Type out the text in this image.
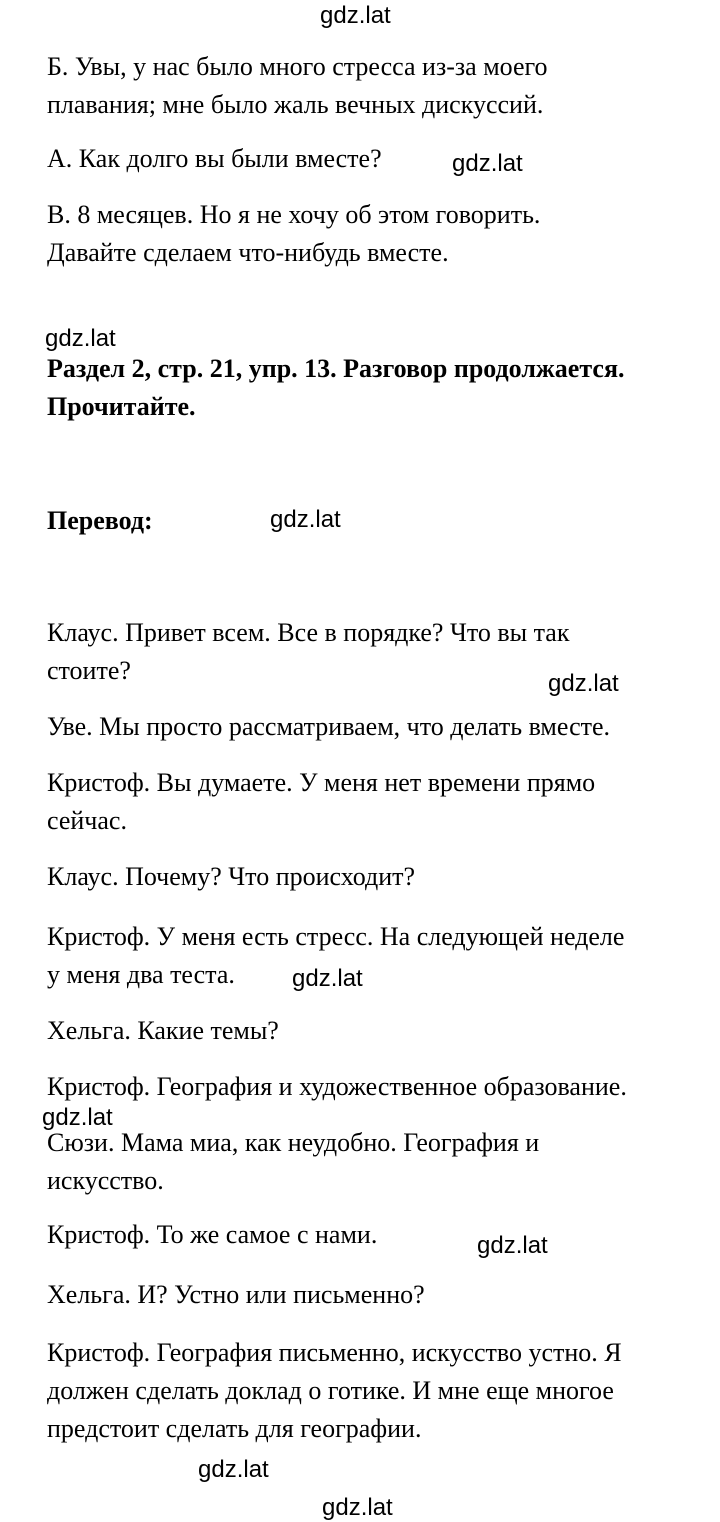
Б. Увы, у нас было много стресса из-за моего
плавания; мне было жаль вечных дискуссий.

А. Как долго вы были вместе?

В. 8 месяцев. Но я не хочу об этом говорить.
Давайте сделаем что-нибудь вместе.

Раздел 2, стр. 21, упр. 13. Разговор продолжается.
Прочитайте.

Перевод:

Клаус. Привет всем. Все в порядке? Что вы так
стоите?

Уве. Мы просто рассматриваем, что делать вместе.

Кристоф. Вы думаете. У меня нет времени прямо
сейчас.

Клаус. Почему? Что происходит?

Кристоф. У меня есть стресс. На следующей неделе
у меня два теста.

Хельга. Какие темы?

Кристоф. География и художественное образование.

Сюзи. Мама миа, как неудобно. География и
искусство.

Кристоф. То же самое с нами.

Хельга. И? Устно или письменно?

Кристоф. География письменно, искусство устно. Я
должен сделать доклад о готике. И мне еще многое
предстоит сделать для географии.

gdz.lat
gdz.lat
gdz.lat
gdz.lat
gdz.lat
gdz.lat
gdz.lat
gdz.lat
gdz.lat
gdz.lat
